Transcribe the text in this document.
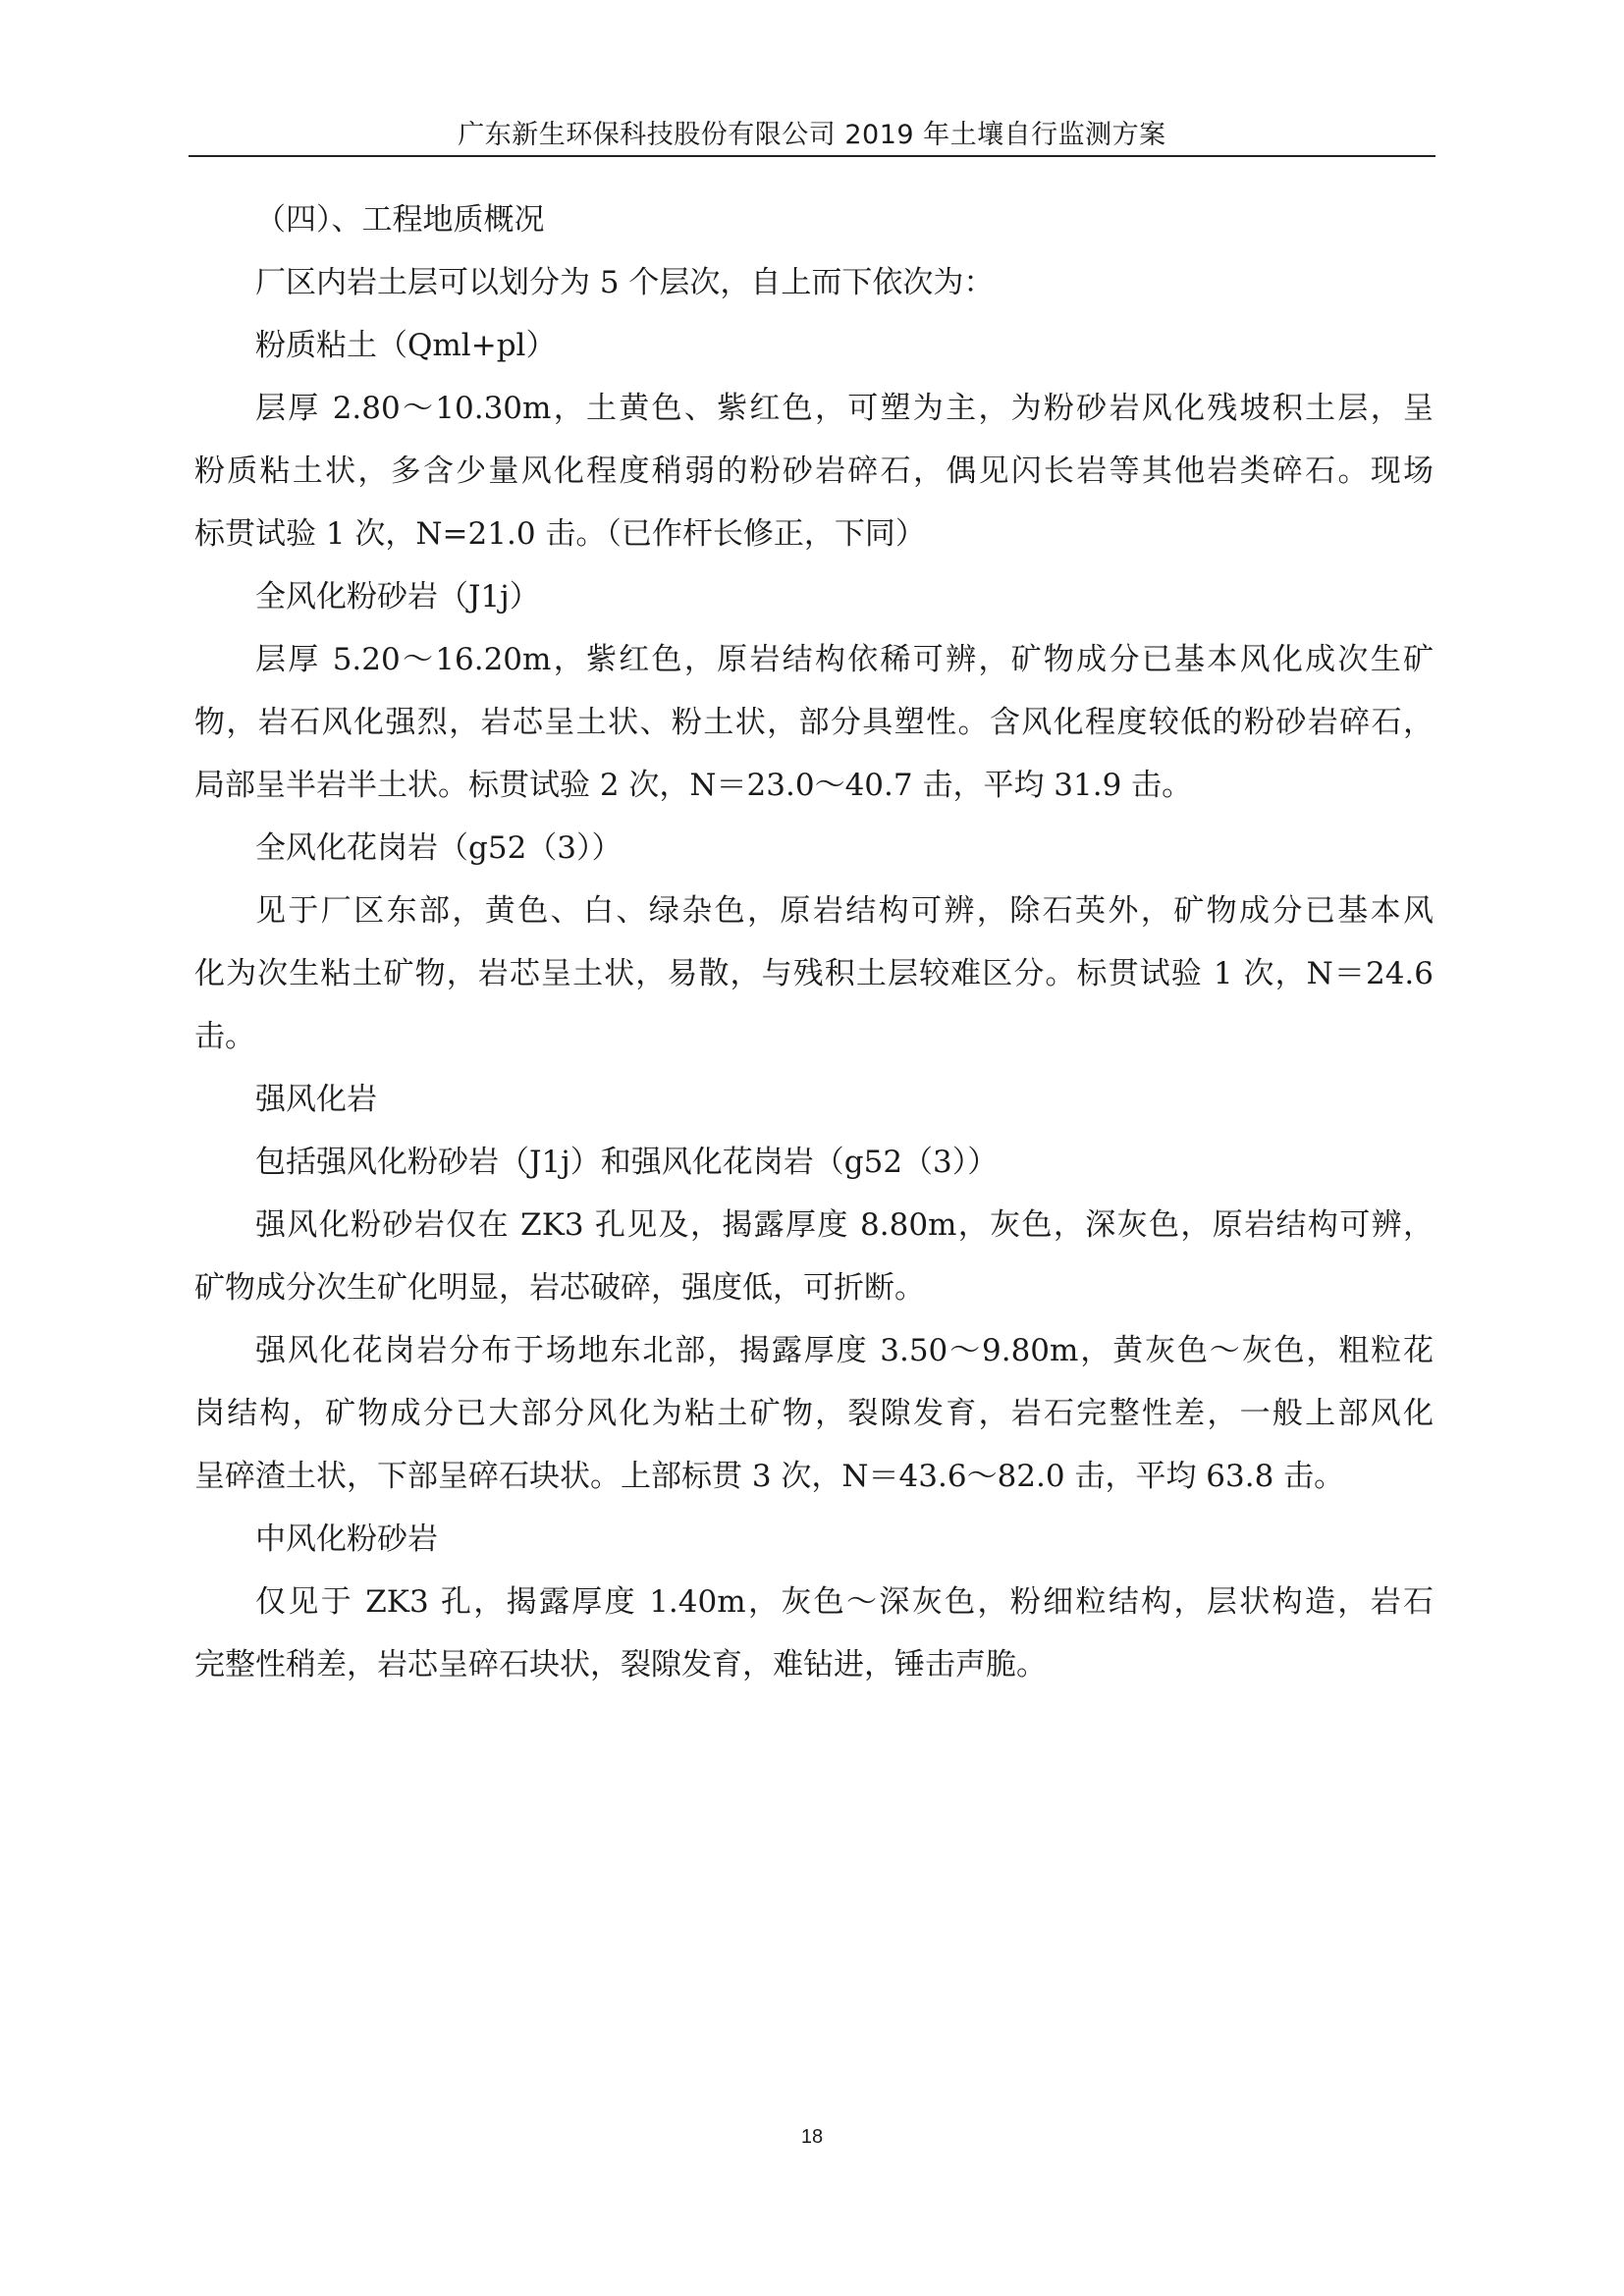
广东新生环保科技股份有限公司 2019 年土壤自行监测方案
（四）、工程地质概况
厂区内岩土层可以划分为 5 个层次，自上而下依次为：
粉质粘土（Qml+pl）
层厚 2.80～10.30m，土黄色、紫红色，可塑为主，为粉砂岩风化残坡积土层，呈
粉质粘土状，多含少量风化程度稍弱的粉砂岩碎石，偶见闪长岩等其他岩类碎石。现场
标贯试验 1 次，N=21.0 击。（已作杆长修正，下同）
全风化粉砂岩（J1j）
层厚 5.20～16.20m，紫红色，原岩结构依稀可辨，矿物成分已基本风化成次生矿
物，岩石风化强烈，岩芯呈土状、粉土状，部分具塑性。含风化程度较低的粉砂岩碎石，
局部呈半岩半土状。标贯试验 2 次，N＝23.0～40.7 击，平均 31.9 击。
全风化花岗岩（g52（3））
见于厂区东部，黄色、白、绿杂色，原岩结构可辨，除石英外，矿物成分已基本风
化为次生粘土矿物，岩芯呈土状，易散，与残积土层较难区分。标贯试验 1 次，N＝24.6
击。
强风化岩
包括强风化粉砂岩（J1j）和强风化花岗岩（g52（3））
强风化粉砂岩仅在 ZK3 孔见及，揭露厚度 8.80m，灰色，深灰色，原岩结构可辨，
矿物成分次生矿化明显，岩芯破碎，强度低，可折断。
强风化花岗岩分布于场地东北部，揭露厚度 3.50～9.80m，黄灰色～灰色，粗粒花
岗结构，矿物成分已大部分风化为粘土矿物，裂隙发育，岩石完整性差，一般上部风化
呈碎渣土状，下部呈碎石块状。上部标贯 3 次，N＝43.6～82.0 击，平均 63.8 击。
中风化粉砂岩
仅见于 ZK3 孔，揭露厚度 1.40m，灰色～深灰色，粉细粒结构，层状构造，岩石
完整性稍差，岩芯呈碎石块状，裂隙发育，难钻进，锤击声脆。
18
